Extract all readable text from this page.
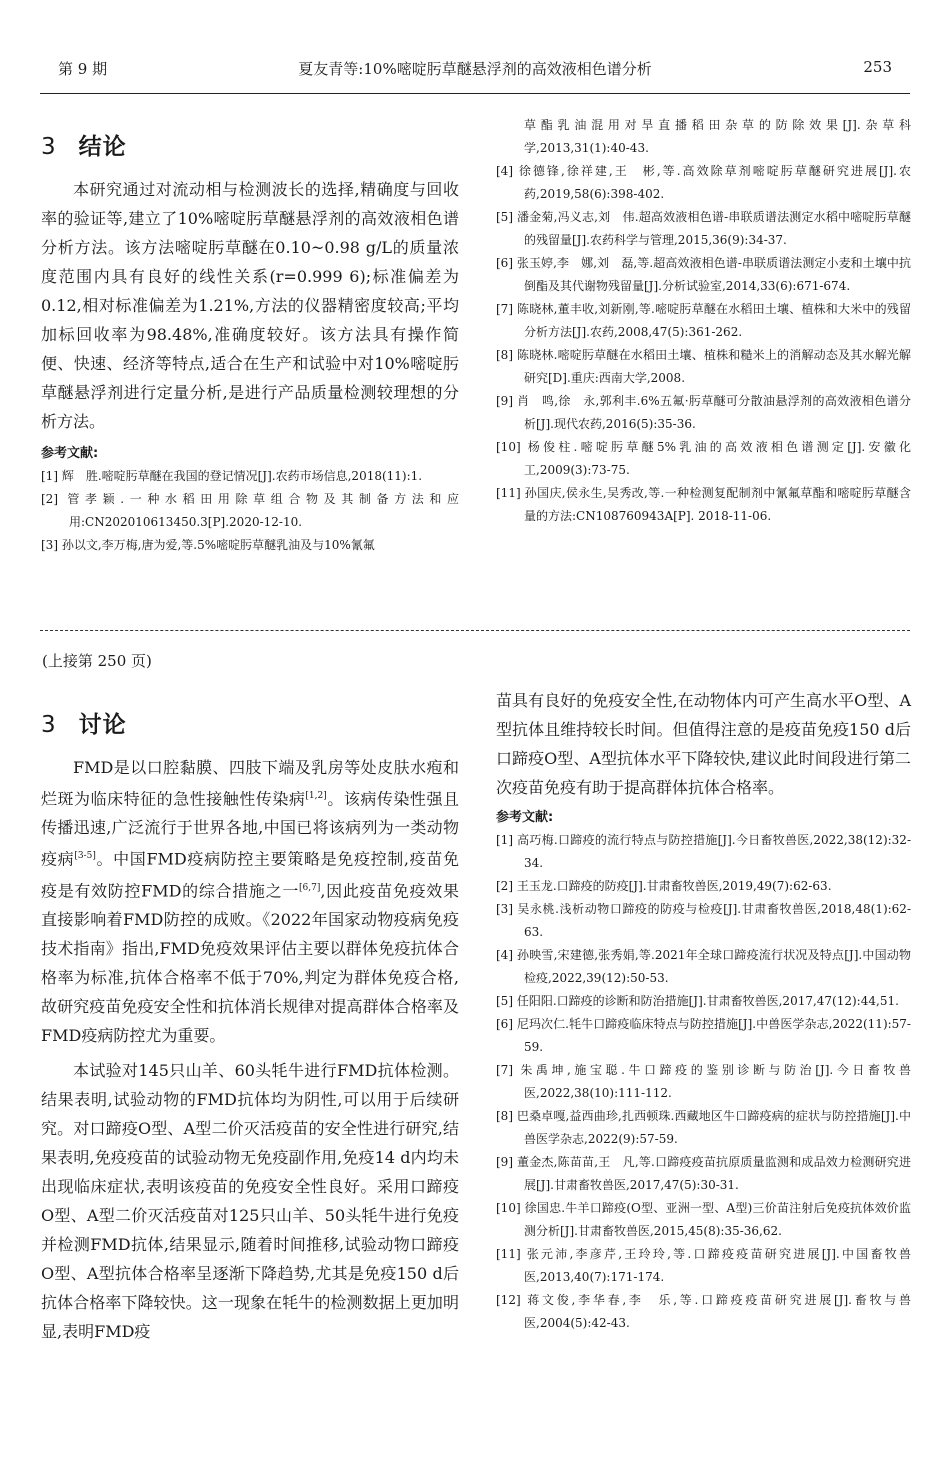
第 9 期	夏友青等:10%嘧啶肟草醚悬浮剂的高效液相色谱分析	253
3 结论

本研究通过对流动相与检测波长的选择,精确度与回收率的验证等,建立了10%嘧啶肟草醚悬浮剂的高效液相色谱分析方法。该方法嘧啶肟草醚在0.10~0.98 g/L的质量浓度范围内具有良好的线性关系(r=0.999 6);标准偏差为0.12,相对标准偏差为1.21%,方法的仪器精密度较高;平均加标回收率为98.48%,准确度较好。该方法具有操作简便、快速、经济等特点,适合在生产和试验中对10%嘧啶肟草醚悬浮剂进行定量分析,是进行产品质量检测较理想的分析方法。

参考文献:

[1] 辉　胜.嘧啶肟草醚在我国的登记情况[J].农药市场信息,2018(11):1.

[2] 管孝颖.一种水稻田用除草组合物及其制备方法和应用:CN202010613450.3[P].2020-12-10.

[3] 孙以文,李万梅,唐为爱,等.5%嘧啶肟草醚乳油及与10%氰氟

草酯乳油混用对旱直播稻田杂草的防除效果[J].杂草科学,2013,31(1):40-43.

[4] 徐德锋,徐祥建,王　彬,等.高效除草剂嘧啶肟草醚研究进展[J].农药,2019,58(6):398-402.

[5] 潘金菊,冯义志,刘　伟.超高效液相色谱-串联质谱法测定水稻中嘧啶肟草醚的残留量[J].农药科学与管理,2015,36(9):34-37.

[6] 张玉婷,李　娜,刘　磊,等.超高效液相色谱-串联质谱法测定小麦和土壤中抗倒酯及其代谢物残留量[J].分析试验室,2014,33(6):671-674.

[7] 陈晓林,董丰收,刘新刚,等.嘧啶肟草醚在水稻田土壤、植株和大米中的残留分析方法[J].农药,2008,47(5):361-262.

[8] 陈晓林.嘧啶肟草醚在水稻田土壤、植株和糙米上的消解动态及其水解光解研究[D].重庆:西南大学,2008.

[9] 肖　鸣,徐　永,郭利丰.6%五氟·肟草醚可分散油悬浮剂的高效液相色谱分析[J].现代农药,2016(5):35-36.

[10] 杨俊柱.嘧啶肟草醚5%乳油的高效液相色谱测定[J].安徽化工,2009(3):73-75.

[11] 孙国庆,侯永生,吴秀改,等.一种检测复配制剂中氰氟草酯和嘧啶肟草醚含量的方法:CN108760943A[P]. 2018-11-06.

(上接第 250 页)
3 讨论

FMD是以口腔黏膜、四肢下端及乳房等处皮肤水疱和烂斑为临床特征的急性接触性传染病[1,2]。该病传染性强且传播迅速,广泛流行于世界各地,中国已将该病列为一类动物疫病[3-5]。中国FMD疫病防控主要策略是免疫控制,疫苗免疫是有效防控FMD的综合措施之一[6,7],因此疫苗免疫效果直接影响着FMD防控的成败。《2022年国家动物疫病免疫技术指南》指出,FMD免疫效果评估主要以群体免疫抗体合格率为标准,抗体合格率不低于70%,判定为群体免疫合格,故研究疫苗免疫安全性和抗体消长规律对提高群体合格率及FMD疫病防控尤为重要。

本试验对145只山羊、60头牦牛进行FMD抗体检测。结果表明,试验动物的FMD抗体均为阴性,可以用于后续研究。对口蹄疫O型、A型二价灭活疫苗的安全性进行研究,结果表明,免疫疫苗的试验动物无免疫副作用,免疫14 d内均未出现临床症状,表明该疫苗的免疫安全性良好。采用口蹄疫O型、A型二价灭活疫苗对125只山羊、50头牦牛进行免疫并检测FMD抗体,结果显示,随着时间推移,试验动物口蹄疫O型、A型抗体合格率呈逐渐下降趋势,尤其是免疫150 d后抗体合格率下降较快。这一现象在牦牛的检测数据上更加明显,表明FMD疫

苗具有良好的免疫安全性,在动物体内可产生高水平O型、A型抗体且维持较长时间。但值得注意的是疫苗免疫150 d后口蹄疫O型、A型抗体水平下降较快,建议此时间段进行第二次疫苗免疫有助于提高群体抗体合格率。

参考文献:

[1] 高巧梅.口蹄疫的流行特点与防控措施[J].今日畜牧兽医,2022,38(12):32-34.

[2] 王玉龙.口蹄疫的防疫[J].甘肃畜牧兽医,2019,49(7):62-63.

[3] 吴永桃.浅析动物口蹄疫的防疫与检疫[J].甘肃畜牧兽医,2018,48(1):62-63.

[4] 孙映雪,宋建德,张秀娟,等.2021年全球口蹄疫流行状况及特点[J].中国动物检疫,2022,39(12):50-53.

[5] 任阳阳.口蹄疫的诊断和防治措施[J].甘肃畜牧兽医,2017,47(12):44,51.

[6] 尼玛次仁.牦牛口蹄疫临床特点与防控措施[J].中兽医学杂志,2022(11):57-59.

[7] 朱禹坤,施宝聪.牛口蹄疫的鉴别诊断与防治[J].今日畜牧兽医,2022,38(10):111-112.

[8] 巴桑卓嘎,益西曲珍,扎西顿珠.西藏地区牛口蹄疫病的症状与防控措施[J].中兽医学杂志,2022(9):57-59.

[9] 董金杰,陈苗苗,王　凡,等.口蹄疫疫苗抗原质量监测和成品效力检测研究进展[J].甘肃畜牧兽医,2017,47(5):30-31.

[10] 徐国忠.牛羊口蹄疫(O型、亚洲一型、A型)三价苗注射后免疫抗体效价监测分析[J].甘肃畜牧兽医,2015,45(8):35-36,62.

[11] 张元沛,李彦芹,王玲玲,等.口蹄疫疫苗研究进展[J].中国畜牧兽医,2013,40(7):171-174.

[12] 蒋文俊,李华春,李　乐,等.口蹄疫疫苗研究进展[J].畜牧与兽医,2004(5):42-43.
